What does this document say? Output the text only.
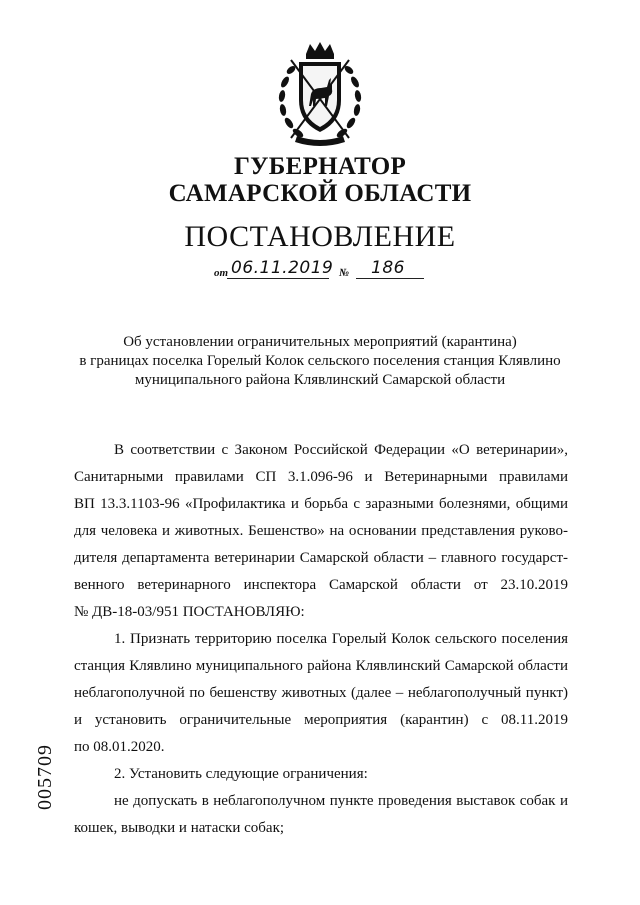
ГУБЕРНАТОР
САМАРСКОЙ ОБЛАСТИ
ПОСТАНОВЛЕНИЕ
от 06.11.2019 № 186
Об установлении ограничительных мероприятий (карантина)
в границах поселка Горелый Колок сельского поселения станция Клявлино
муниципального района Клявлинский Самарской области

В соответствии с Законом Российской Федерации «О ветеринарии»,

Санитарными правилами СП 3.1.096-96 и Ветеринарными правилами

ВП 13.3.1103-96 «Профилактика и борьба с заразными болезнями, общими

для человека и животных. Бешенство» на основании представления руково-

дителя департамента ветеринарии Самарской области – главного государст-

венного ветеринарного инспектора Самарской области от 23.10.2019

№ ДВ-18-03/951 ПОСТАНОВЛЯЮ:

1. Признать территорию поселка Горелый Колок сельского поселения

станция Клявлино муниципального района Клявлинский Самарской области

неблагополучной по бешенству животных (далее – неблагополучный пункт)

и установить ограничительные мероприятия (карантин) с 08.11.2019

по 08.01.2020.

2. Установить следующие ограничения:

не допускать в неблагополучном пункте проведения выставок собак и

кошек, выводки и натаски собак;

005709
